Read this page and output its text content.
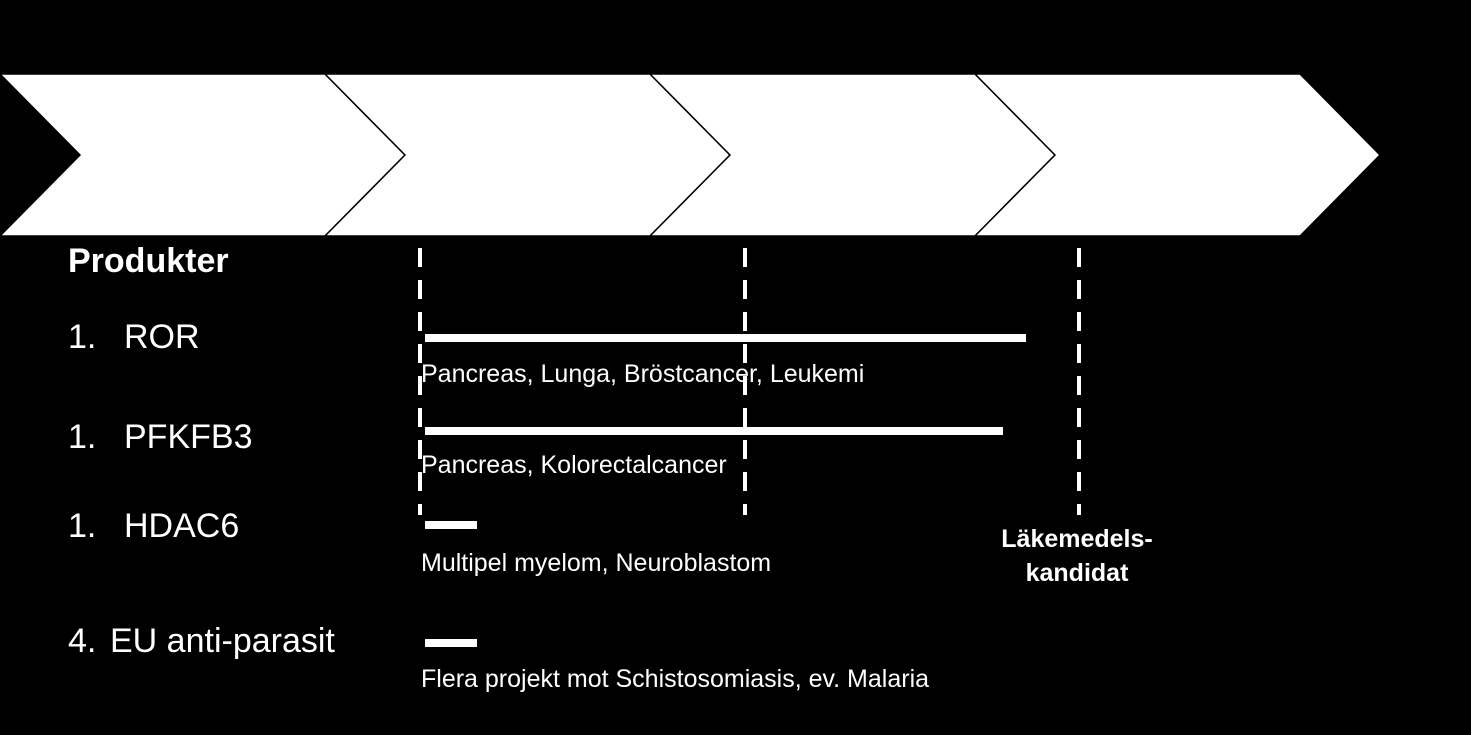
Produkter
1. ROR
Pancreas, Lunga, Bröstcancer, Leukemi
1. PFKFB3
Pancreas, Kolorectalcancer
1. HDAC6
Multipel myelom, Neuroblastom
4. EU anti-parasit
Flera projekt mot Schistosomiasis, ev. Malaria
Läkemedels-kandidat
